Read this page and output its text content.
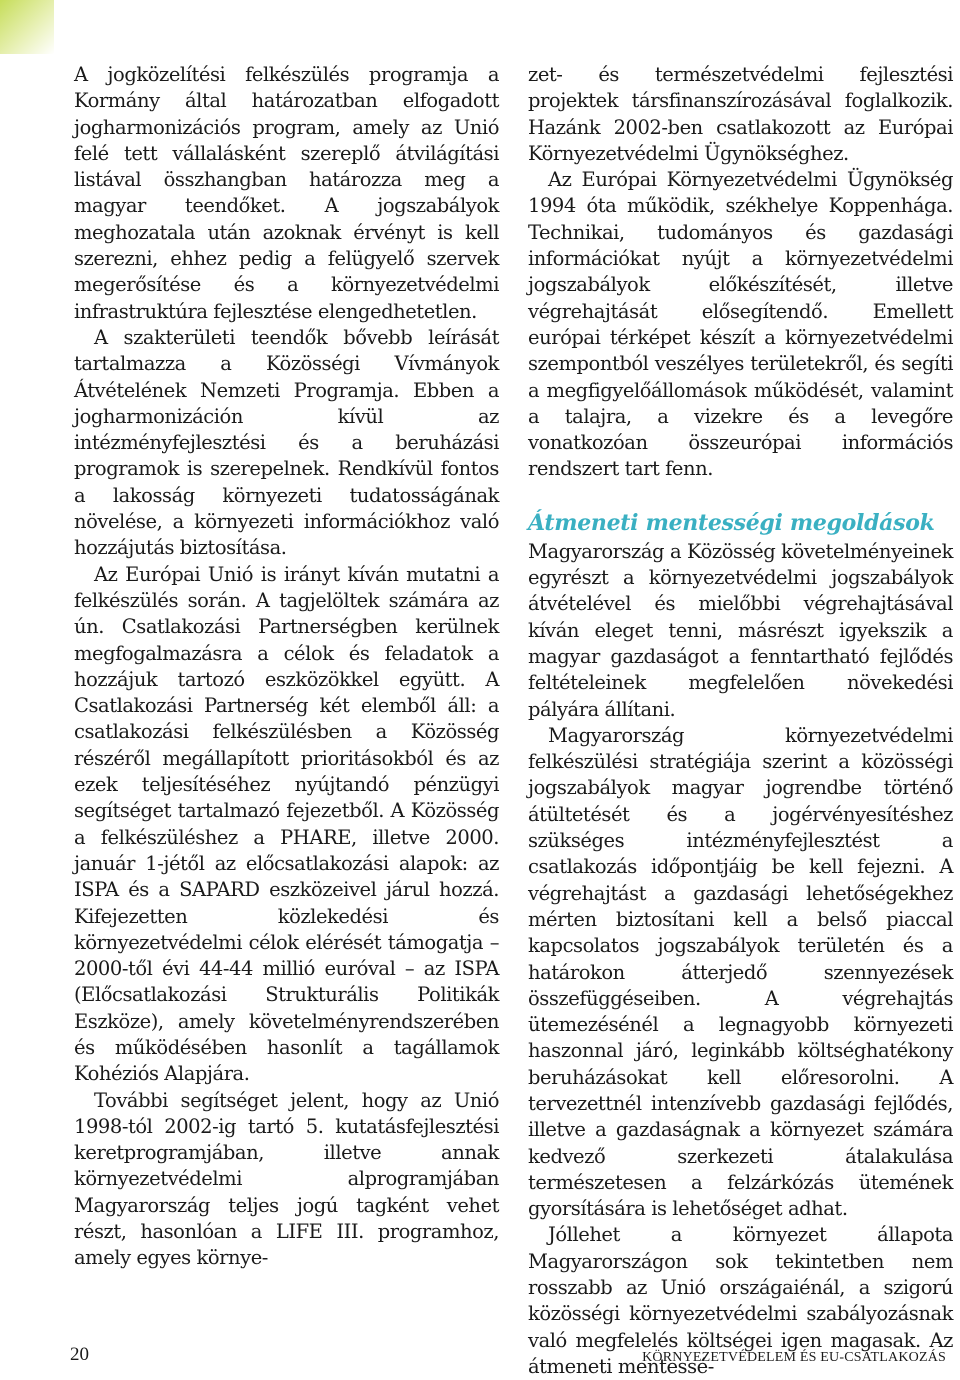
A jogközelítési felkészülés programja a Kormány által határozatban elfogadott jogharmonizációs program, amely az Unió felé tett vállalásként szereplő átvilágítási listával összhangban határozza meg a magyar teendőket. A jogszabályok meghozatala után azoknak érvényt is kell szerezni, ehhez pedig a felügyelő szervek megerősítése és a környezetvédelmi infrastruktúra fejlesztése elengedhetetlen.

A szakterületi teendők bővebb leírását tartalmazza a Közösségi Vívmányok Átvételének Nemzeti Programja. Ebben a jogharmonizáción kívül az intézményfejlesztési és a beruházási programok is szerepelnek. Rendkívül fontos a lakosság környezeti tudatosságának növelése, a környezeti információkhoz való hozzájutás biztosítása.

Az Európai Unió is irányt kíván mutatni a felkészülés során. A tagjelöltek számára az ún. Csatlakozási Partnerségben kerülnek megfogalmazásra a célok és feladatok a hozzájuk tartozó eszközökkel együtt. A Csatlakozási Partnerség két elemből áll: a csatlakozási felkészülésben a Közösség részéről megállapított prioritásokból és az ezek teljesítéséhez nyújtandó pénzügyi segítséget tartalmazó fejezetből. A Közösség a felkészüléshez a PHARE, illetve 2000. január 1-jétől az előcsatlakozási alapok: az ISPA és a SAPARD eszközeivel járul hozzá. Kifejezetten közlekedési és környezetvédelmi célok elérését támogatja – 2000-től évi 44-44 millió euróval – az ISPA (Előcsatlakozási Strukturális Politikák Eszköze), amely követelményrendszerében és működésében hasonlít a tagállamok Kohéziós Alapjára.

További segítséget jelent, hogy az Unió 1998-tól 2002-ig tartó 5. kutatásfejlesztési keretprogramjában, illetve annak környezetvédelmi alprogramjában Magyarország teljes jogú tagként vehet részt, hasonlóan a LIFE III. programhoz, amely egyes környe-

zet- és természetvédelmi fejlesztési projektek társfinanszírozásával foglalkozik. Hazánk 2002-ben csatlakozott az Európai Környezetvédelmi Ügynökséghez.

Az Európai Környezetvédelmi Ügynökség 1994 óta működik, székhelye Koppenhága. Technikai, tudományos és gazdasági információkat nyújt a környezetvédelmi jogszabályok előkészítését, illetve végrehajtását elősegítendő. Emellett európai térképet készít a környezetvédelmi szempontból veszélyes területekről, és segíti a megfigyelőállomások működését, valamint a talajra, a vizekre és a levegőre vonatkozóan összeurópai információs rendszert tart fenn.

Átmeneti mentességi megoldások

Magyarország a Közösség követelményeinek egyrészt a környezetvédelmi jogszabályok átvételével és mielőbbi végrehajtásával kíván eleget tenni, másrészt igyekszik a magyar gazdaságot a fenntartható fejlődés feltételeinek megfelelően növekedési pályára állítani.

Magyarország környezetvédelmi felkészülési stratégiája szerint a közösségi jogszabályok magyar jogrendbe történő átültetését és a jogérvényesítéshez szükséges intézményfejlesztést a csatlakozás időpontjáig be kell fejezni. A végrehajtást a gazdasági lehetőségekhez mérten biztosítani kell a belső piaccal kapcsolatos jogszabályok területén és a határokon átterjedő szennyezések összefüggéseiben. A végrehajtás ütemezésénél a legnagyobb környezeti haszonnal járó, leginkább költséghatékony beruházásokat kell előresorolni. A tervezettnél intenzívebb gazdasági fejlődés, illetve a gazdaságnak a környezet számára kedvező szerkezeti átalakulása természetesen a felzárkózás ütemének gyorsítására is lehetőséget adhat.

Jóllehet a környezet állapota Magyarországon sok tekintetben nem rosszabb az Unió országaiénál, a szigorú közösségi környezetvédelmi szabályozásnak való megfelelés költségei igen magasak. Az átmeneti mentessé-

20	KÖRNYEZETVÉDELEM ÉS EU-CSATLAKOZÁS
